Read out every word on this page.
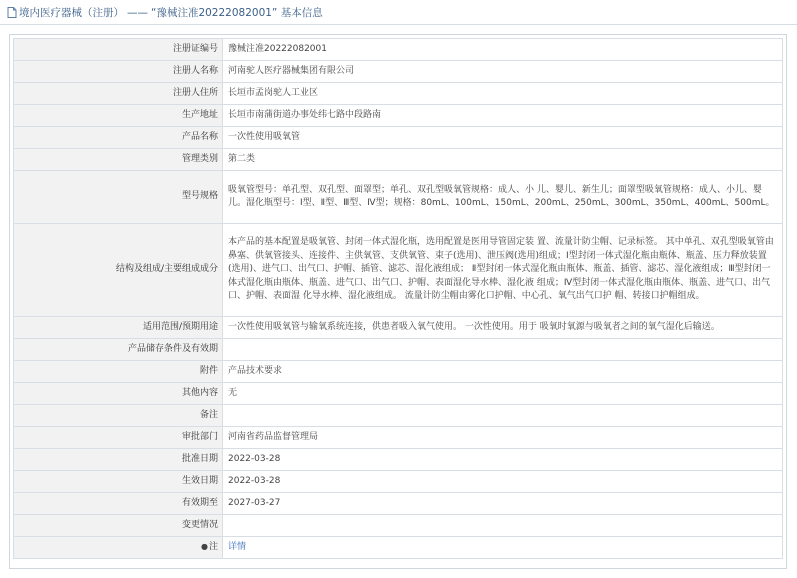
境内医疗器械（注册） —— “豫械注准20222082001” 基本信息
注册证编号	豫械注准20222082001
注册人名称	河南驼人医疗器械集团有限公司
注册人住所	长垣市孟岗驼人工业区
生产地址	长垣市南蒲街道办事处纬七路中段路南
产品名称	一次性使用吸氧管
管理类别	第二类
型号规格	吸氧管型号：单孔型、双孔型、面罩型；单孔、双孔型吸氧管规格：成人、小 儿、婴儿、新生儿；面罩型吸氧管规格：成人、小儿、婴儿。湿化瓶型号：Ⅰ型、Ⅱ型、Ⅲ型、Ⅳ型；规格：80mL、100mL、150mL、200mL、250mL、300mL、350mL、400mL、500mL。
结构及组成/主要组成成分	本产品的基本配置是吸氧管、封闭一体式湿化瓶，选用配置是医用导管固定装 置、流量计防尘帽、记录标签。 其中单孔、双孔型吸氧管由鼻塞、供氧管接头、连接件、主供氧管、支供氧管、束子(选用)、泄压阀(选用)组成；Ⅰ型封闭一体式湿化瓶由瓶体、瓶盖、压力释放装置(选用)、进气口、出气口、护帽、插管、滤芯、湿化液组成； Ⅱ型封闭一体式湿化瓶由瓶体、瓶盖、插管、滤芯、湿化液组成；Ⅲ型封闭一 体式湿化瓶由瓶体、瓶盖、进气口、出气口、护帽、表面湿化导水棒、湿化液 组成；Ⅳ型封闭一体式湿化瓶由瓶体、瓶盖、进气口、出气口、护帽、表面湿 化导水棒、湿化液组成。 流量计防尘帽由雾化口护帽、中心孔、氧气出气口护 帽、转接口护帽组成。
适用范围/预期用途	一次性使用吸氧管与输氧系统连接，供患者吸入氧气使用。 一次性使用。用于 吸氧时氧源与吸氧者之间的氧气湿化后输送。
产品储存条件及有效期	
附件	产品技术要求
其他内容	无
备注	
审批部门	河南省药品监督管理局
批准日期	2022-03-28
生效日期	2022-03-28
有效期至	2027-03-27
变更情况	
●注	详情
